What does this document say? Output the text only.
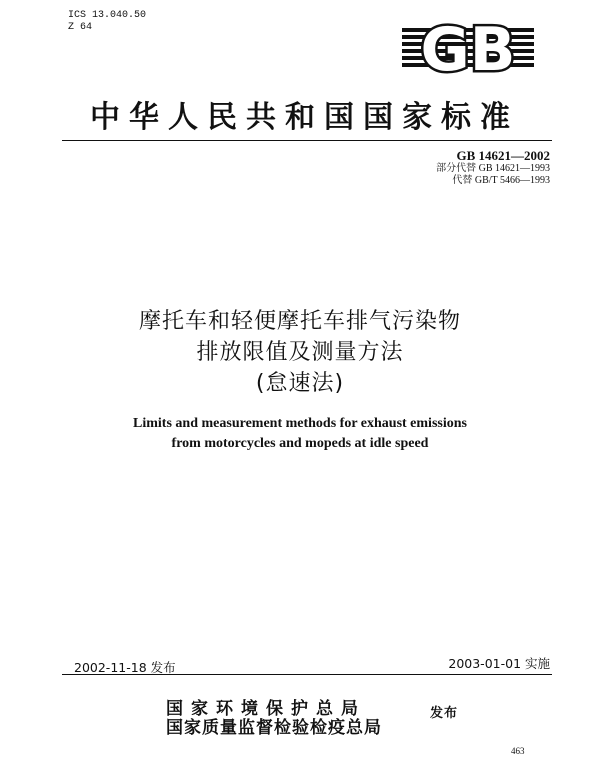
ICS 13.040.50
Z 64	GB
中华人民共和国国家标准
GB 14621—2002
部分代替 GB 14621—1993
代替 GB/T 5466—1993
摩托车和轻便摩托车排气污染物
排放限值及测量方法
(怠速法)
Limits and measurement methods for exhaust emissions
from motorcycles and mopeds at idle speed
2002-11-18 发布	2003-01-01 实施
国家环境保护总局
国家质量监督检验检疫总局
发布
463
